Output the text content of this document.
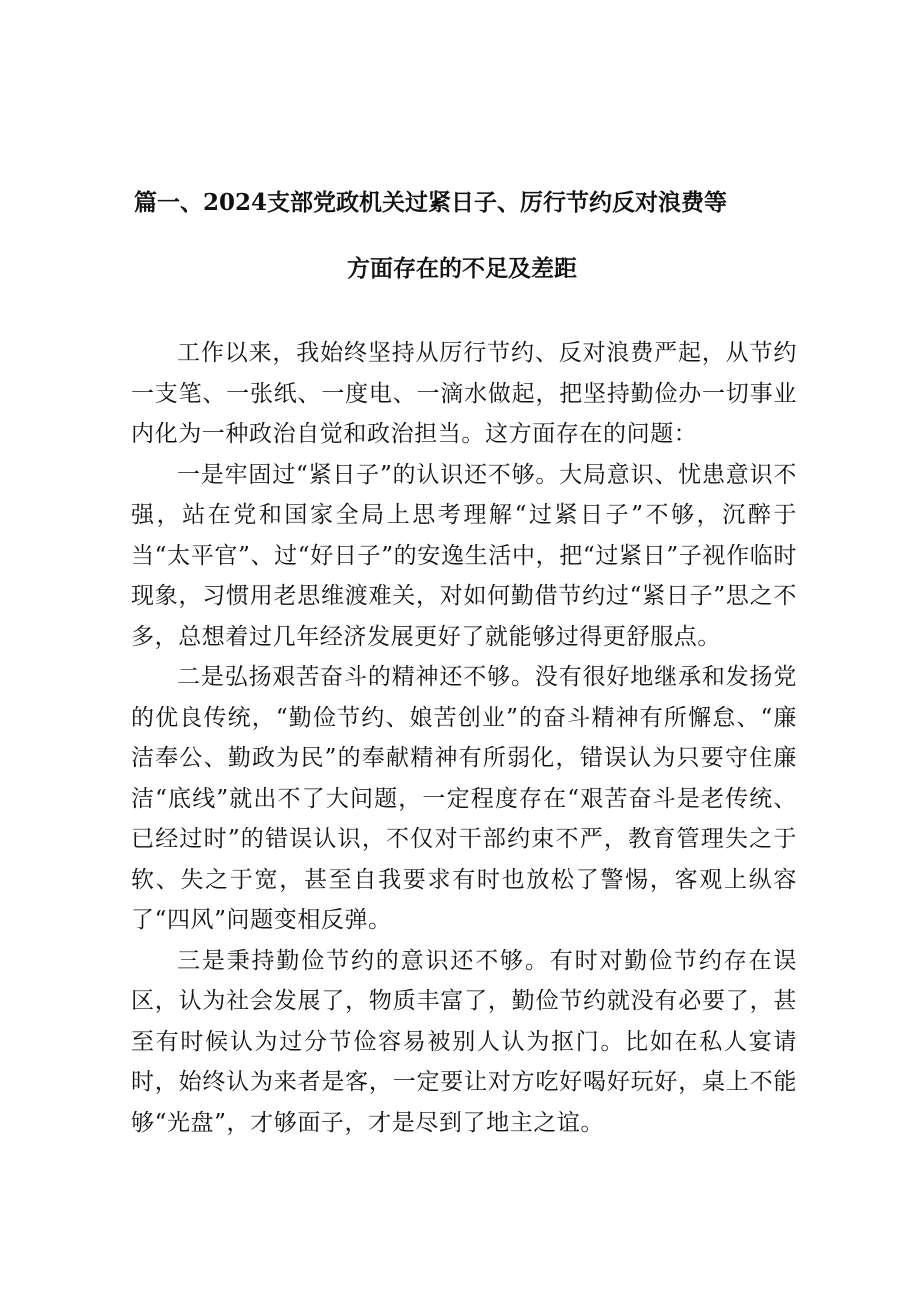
篇一、2024支部党政机关过紧日子、厉行节约反对浪费等
方面存在的不足及差距

工作以来，我始终坚持从厉行节约、反对浪费严起，从节约一支笔、一张纸、一度电、一滴水做起，把坚持勤俭办一切事业内化为一种政治自觉和政治担当。这方面存在的问题：

一是牢固过“紧日子”的认识还不够。大局意识、忧患意识不强，站在党和国家全局上思考理解“过紧日子”不够，沉醉于当“太平官”、过“好日子”的安逸生活中，把“过紧日”子视作临时现象，习惯用老思维渡难关，对如何勤借节约过“紧日子”思之不多，总想着过几年经济发展更好了就能够过得更舒服点。

二是弘扬艰苦奋斗的精神还不够。没有很好地继承和发扬党的优良传统，“勤俭节约、娘苦创业”的奋斗精神有所懈怠、“廉洁奉公、勤政为民”的奉献精神有所弱化，错误认为只要守住廉洁“底线”就出不了大问题，一定程度存在“艰苦奋斗是老传统、已经过时”的错误认识，不仅对干部约束不严，教育管理失之于软、失之于宽，甚至自我要求有时也放松了警惕，客观上纵容了“四风”问题变相反弹。

三是秉持勤俭节约的意识还不够。有时对勤俭节约存在误区，认为社会发展了，物质丰富了，勤俭节约就没有必要了，甚至有时候认为过分节俭容易被别人认为抠门。比如在私人宴请时，始终认为来者是客，一定要让对方吃好喝好玩好，桌上不能够“光盘”，才够面子，才是尽到了地主之谊。
